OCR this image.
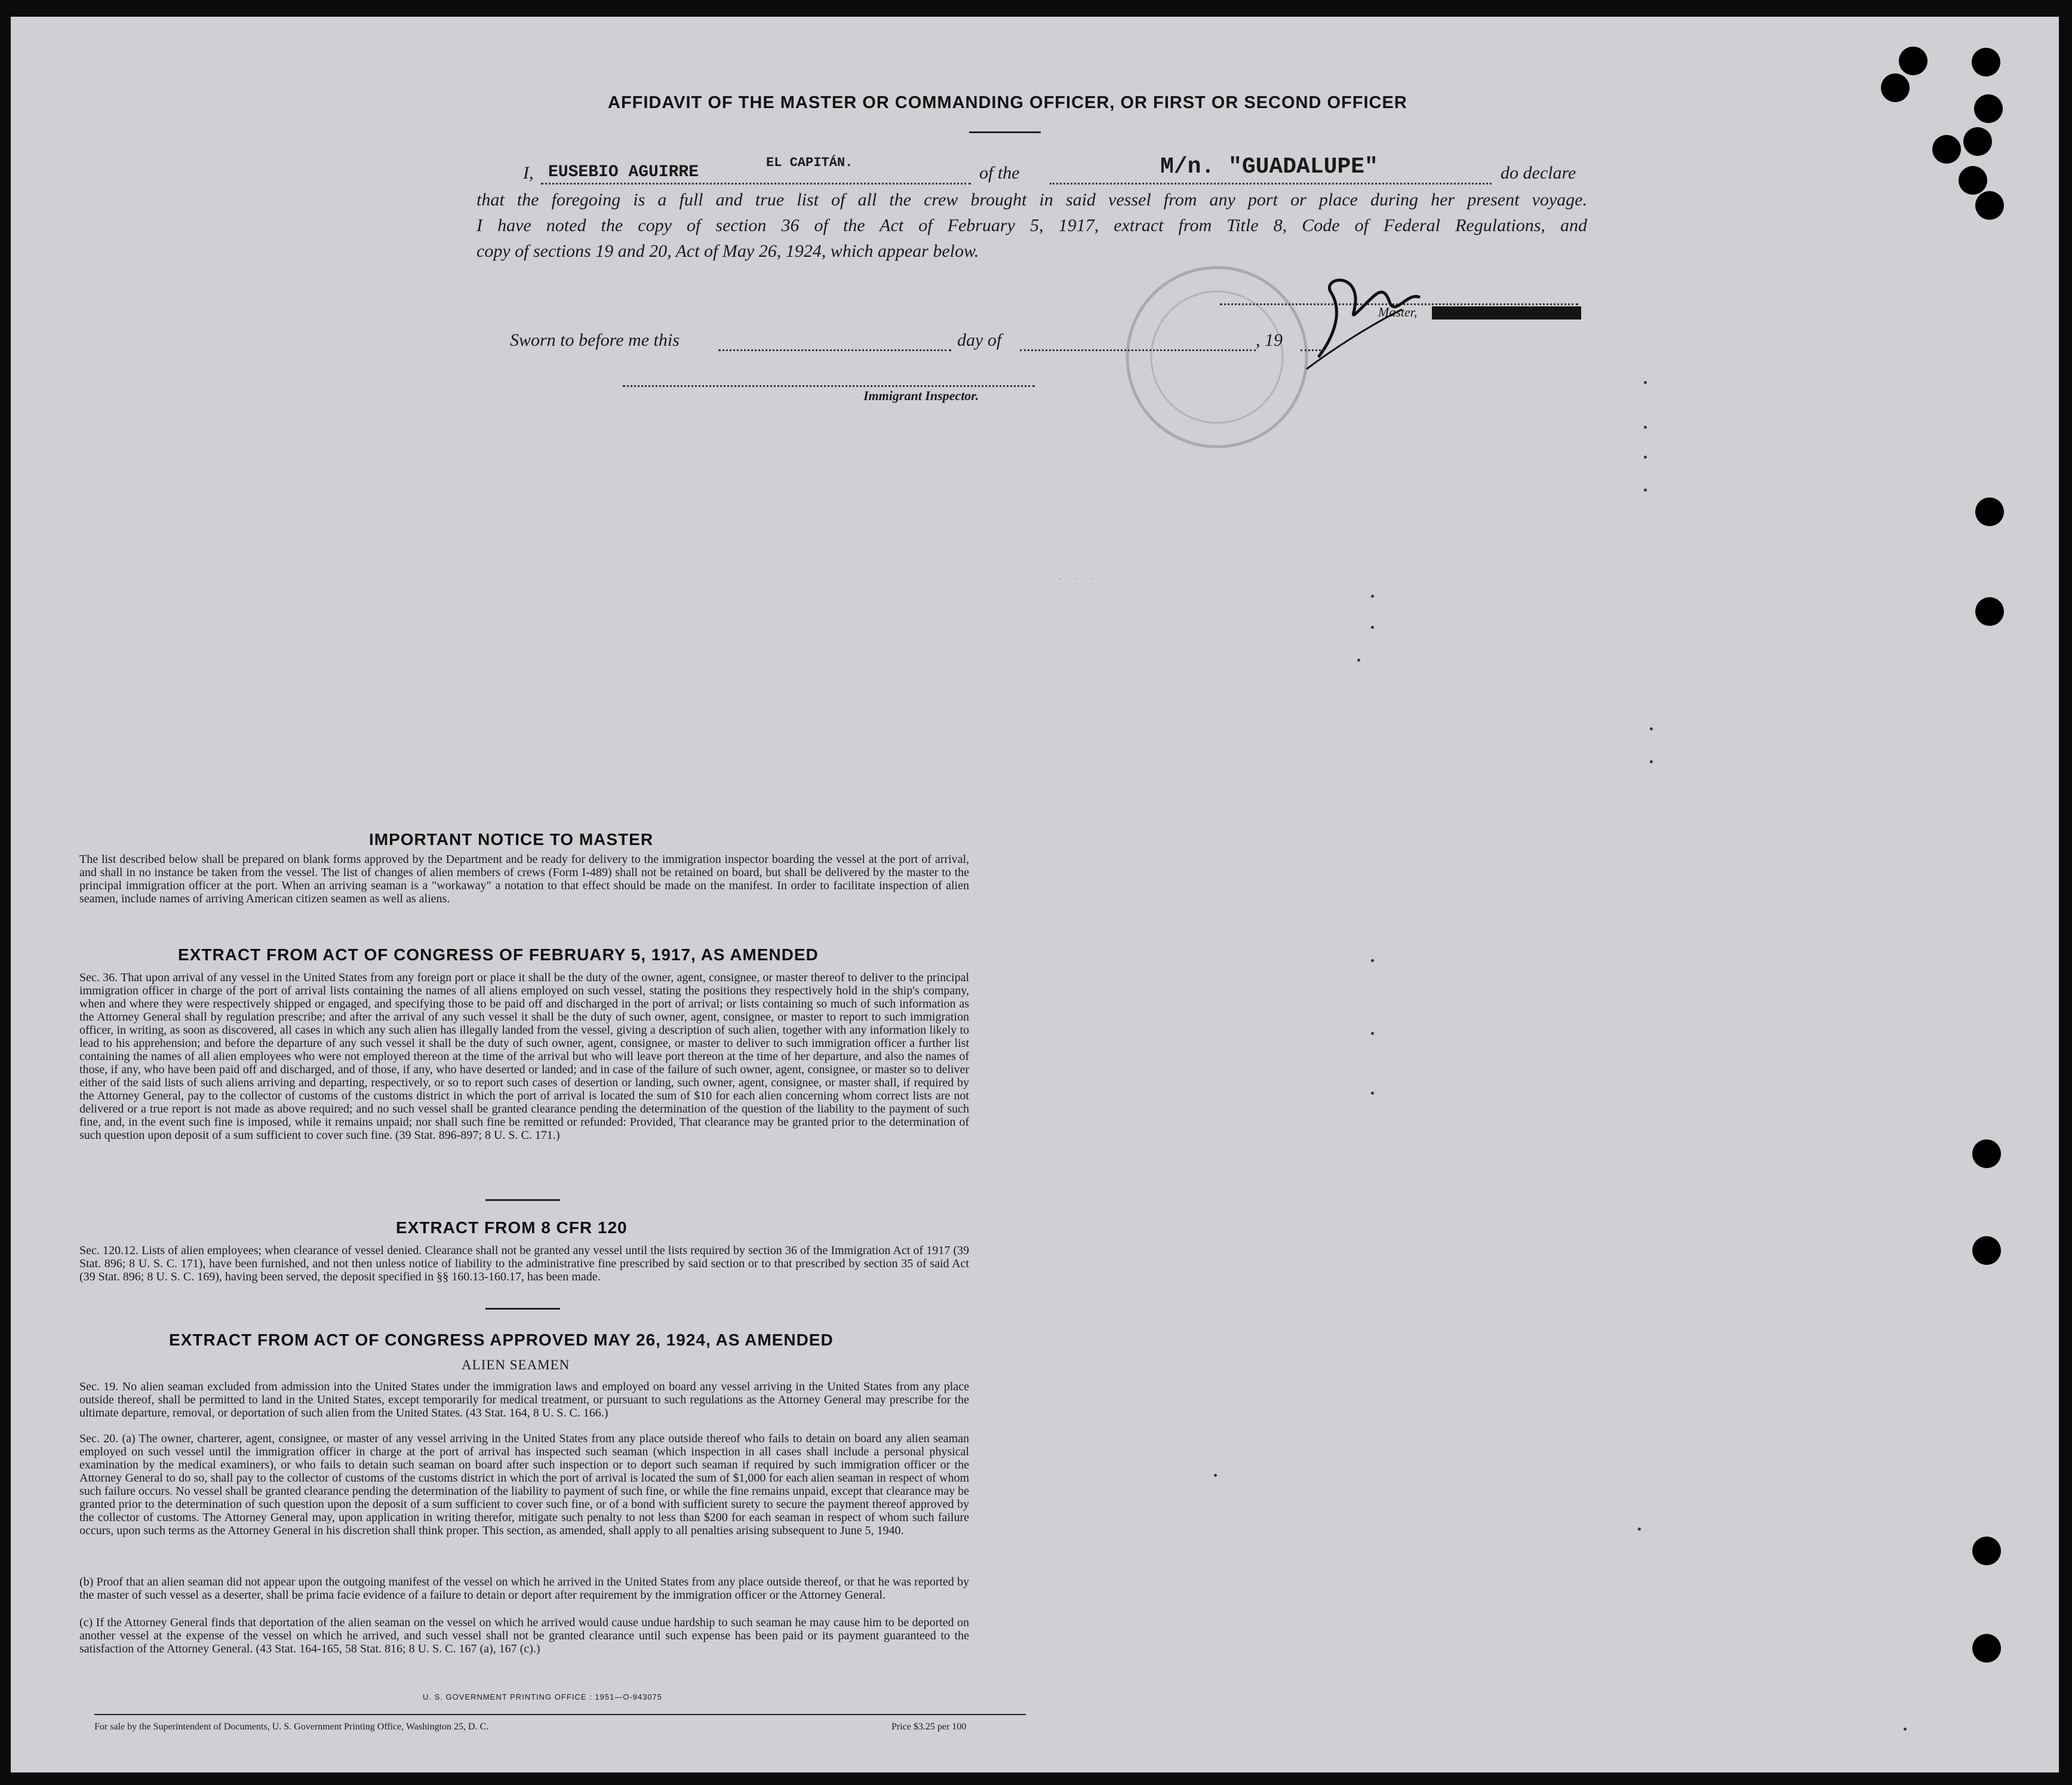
AFFIDAVIT OF THE MASTER OR COMMANDING OFFICER, OR FIRST OR SECOND OFFICER
I, EUSEBIO AGUIRRE
EL CAPITÁN.
of the	M/n. "GUADALUPE"	do declare
that the foregoing is a full and true list of all the crew brought in said vessel from any port or place during her present voyage.
I have noted the copy of section 36 of the Act of February 5, 1917, extract from Title 8, Code of Federal Regulations, and
copy of sections 19 and 20, Act of May 26, 1924, which appear below.
Master,
Sworn to before me this	day of	, 19
Immigrant Inspector.
. . .
IMPORTANT NOTICE TO MASTER
The list described below shall be prepared on blank forms approved by the Department and be ready for delivery to the immigration inspector boarding the vessel at the port of arrival, and shall in no instance be taken from the vessel. The list of changes of alien members of crews (Form I-489) shall not be retained on board, but shall be delivered by the master to the principal immigration officer at the port. When an arriving seaman is a "workaway" a notation to that effect should be made on the manifest. In order to facilitate inspection of alien seamen, include names of arriving American citizen seamen as well as aliens.
EXTRACT FROM ACT OF CONGRESS OF FEBRUARY 5, 1917, AS AMENDED
Sec. 36. That upon arrival of any vessel in the United States from any foreign port or place it shall be the duty of the owner, agent, consignee, or master thereof to deliver to the principal immigration officer in charge of the port of arrival lists containing the names of all aliens employed on such vessel, stating the positions they respectively hold in the ship's company, when and where they were respectively shipped or engaged, and specifying those to be paid off and discharged in the port of arrival; or lists containing so much of such information as the Attorney General shall by regulation prescribe; and after the arrival of any such vessel it shall be the duty of such owner, agent, consignee, or master to report to such immigration officer, in writing, as soon as discovered, all cases in which any such alien has illegally landed from the vessel, giving a description of such alien, together with any information likely to lead to his apprehension; and before the departure of any such vessel it shall be the duty of such owner, agent, consignee, or master to deliver to such immigration officer a further list containing the names of all alien employees who were not employed thereon at the time of the arrival but who will leave port thereon at the time of her departure, and also the names of those, if any, who have been paid off and discharged, and of those, if any, who have deserted or landed; and in case of the failure of such owner, agent, consignee, or master so to deliver either of the said lists of such aliens arriving and departing, respectively, or so to report such cases of desertion or landing, such owner, agent, consignee, or master shall, if required by the Attorney General, pay to the collector of customs of the customs district in which the port of arrival is located the sum of $10 for each alien concerning whom correct lists are not delivered or a true report is not made as above required; and no such vessel shall be granted clearance pending the determination of the question of the liability to the payment of such fine, and, in the event such fine is imposed, while it remains unpaid; nor shall such fine be remitted or refunded: Provided, That clearance may be granted prior to the determination of such question upon deposit of a sum sufficient to cover such fine. (39 Stat. 896-897; 8 U. S. C. 171.)
EXTRACT FROM 8 CFR 120
Sec. 120.12. Lists of alien employees; when clearance of vessel denied. Clearance shall not be granted any vessel until the lists required by section 36 of the Immigration Act of 1917 (39 Stat. 896; 8 U. S. C. 171), have been furnished, and not then unless notice of liability to the administrative fine prescribed by said section or to that prescribed by section 35 of said Act (39 Stat. 896; 8 U. S. C. 169), having been served, the deposit specified in §§ 160.13-160.17, has been made.
EXTRACT FROM ACT OF CONGRESS APPROVED MAY 26, 1924, AS AMENDED
ALIEN SEAMEN
Sec. 19. No alien seaman excluded from admission into the United States under the immigration laws and employed on board any vessel arriving in the United States from any place outside thereof, shall be permitted to land in the United States, except temporarily for medical treatment, or pursuant to such regulations as the Attorney General may prescribe for the ultimate departure, removal, or deportation of such alien from the United States. (43 Stat. 164, 8 U. S. C. 166.)
Sec. 20. (a) The owner, charterer, agent, consignee, or master of any vessel arriving in the United States from any place outside thereof who fails to detain on board any alien seaman employed on such vessel until the immigration officer in charge at the port of arrival has inspected such seaman (which inspection in all cases shall include a personal physical examination by the medical examiners), or who fails to detain such seaman on board after such inspection or to deport such seaman if required by such immigration officer or the Attorney General to do so, shall pay to the collector of customs of the customs district in which the port of arrival is located the sum of $1,000 for each alien seaman in respect of whom such failure occurs. No vessel shall be granted clearance pending the determination of the liability to payment of such fine, or while the fine remains unpaid, except that clearance may be granted prior to the determination of such question upon the deposit of a sum sufficient to cover such fine, or of a bond with sufficient surety to secure the payment thereof approved by the collector of customs. The Attorney General may, upon application in writing therefor, mitigate such penalty to not less than $200 for each seaman in respect of whom such failure occurs, upon such terms as the Attorney General in his discretion shall think proper. This section, as amended, shall apply to all penalties arising subsequent to June 5, 1940.
(b) Proof that an alien seaman did not appear upon the outgoing manifest of the vessel on which he arrived in the United States from any place outside thereof, or that he was reported by the master of such vessel as a deserter, shall be prima facie evidence of a failure to detain or deport after requirement by the immigration officer or the Attorney General.
(c) If the Attorney General finds that deportation of the alien seaman on the vessel on which he arrived would cause undue hardship to such seaman he may cause him to be deported on another vessel at the expense of the vessel on which he arrived, and such vessel shall not be granted clearance until such expense has been paid or its payment guaranteed to the satisfaction of the Attorney General. (43 Stat. 164-165, 58 Stat. 816; 8 U. S. C. 167 (a), 167 (c).)
U. S. GOVERNMENT PRINTING OFFICE : 1951—O-943075
For sale by the Superintendent of Documents, U. S. Government Printing Office, Washington 25, D. C.	Price $3.25 per 100
